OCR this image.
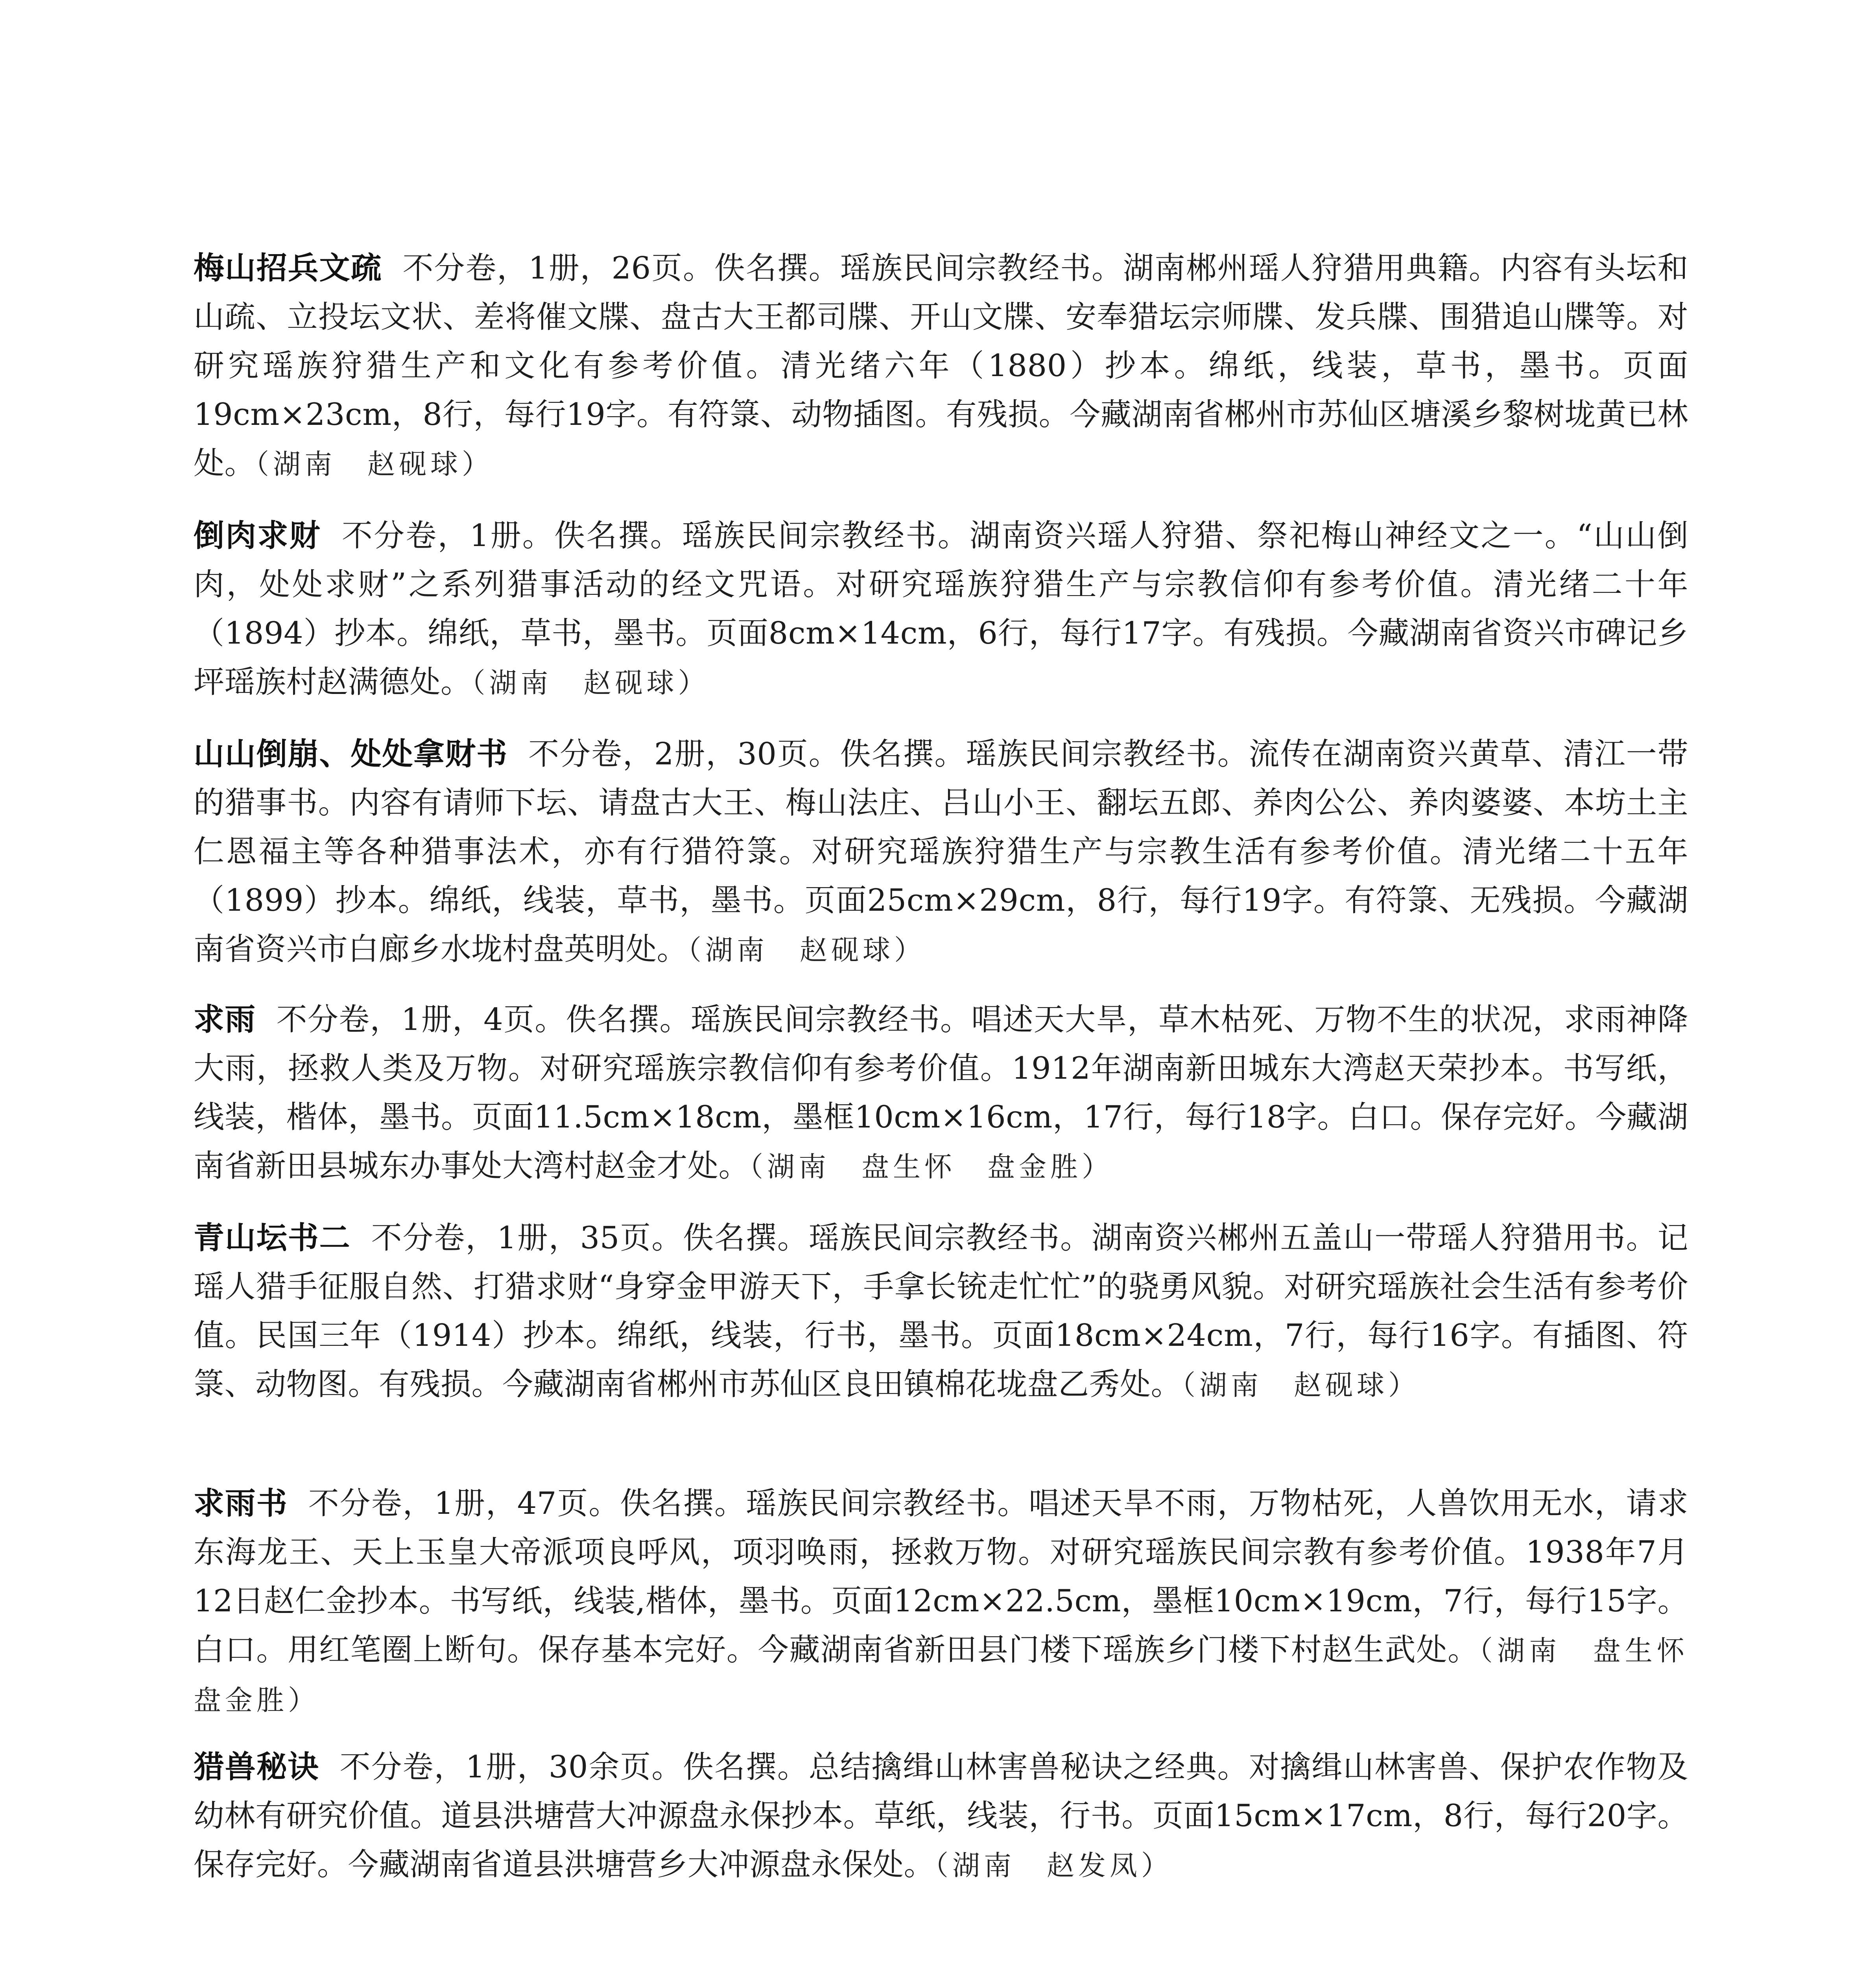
梅山招兵文疏 不分卷，1册，26页。佚名撰。瑶族民间宗教经书。湖南郴州瑶人狩猎用典籍。内容有头坛和山疏、立投坛文状、差将催文牒、盘古大王都司牒、开山文牒、安奉猎坛宗师牒、发兵牒、围猎追山牒等。对研究瑶族狩猎生产和文化有参考价值。清光绪六年（1880）抄本。绵纸，线装，草书，墨书。页面19cm×23cm，8行，每行19字。有符箓、动物插图。有残损。今藏湖南省郴州市苏仙区塘溪乡黎树垅黄已林处。（湖南　赵砚球）
倒肉求财 不分卷，1册。佚名撰。瑶族民间宗教经书。湖南资兴瑶人狩猎、祭祀梅山神经文之一。“山山倒肉，处处求财”之系列猎事活动的经文咒语。对研究瑶族狩猎生产与宗教信仰有参考价值。清光绪二十年（1894）抄本。绵纸，草书，墨书。页面8cm×14cm，6行，每行17字。有残损。今藏湖南省资兴市碑记乡坪瑶族村赵满德处。（湖南　赵砚球）
山山倒崩、处处拿财书 不分卷，2册，30页。佚名撰。瑶族民间宗教经书。流传在湖南资兴黄草、清江一带的猎事书。内容有请师下坛、请盘古大王、梅山法庄、吕山小王、翻坛五郎、养肉公公、养肉婆婆、本坊土主仁恩福主等各种猎事法术，亦有行猎符箓。对研究瑶族狩猎生产与宗教生活有参考价值。清光绪二十五年（1899）抄本。绵纸，线装，草书，墨书。页面25cm×29cm，8行，每行19字。有符箓、无残损。今藏湖南省资兴市白廊乡水垅村盘英明处。（湖南　赵砚球）
求雨 不分卷，1册，4页。佚名撰。瑶族民间宗教经书。唱述天大旱，草木枯死、万物不生的状况，求雨神降大雨，拯救人类及万物。对研究瑶族宗教信仰有参考价值。1912年湖南新田城东大湾赵天荣抄本。书写纸，线装，楷体，墨书。页面11.5cm×18cm，墨框10cm×16cm，17行，每行18字。白口。保存完好。今藏湖南省新田县城东办事处大湾村赵金才处。（湖南　盘生怀　盘金胜）
青山坛书二 不分卷，1册，35页。佚名撰。瑶族民间宗教经书。湖南资兴郴州五盖山一带瑶人狩猎用书。记瑶人猎手征服自然、打猎求财“身穿金甲游天下，手拿长铳走忙忙”的骁勇风貌。对研究瑶族社会生活有参考价值。民国三年（1914）抄本。绵纸，线装，行书，墨书。页面18cm×24cm，7行，每行16字。有插图、符箓、动物图。有残损。今藏湖南省郴州市苏仙区良田镇棉花垅盘乙秀处。（湖南　赵砚球）
求雨书 不分卷，1册，47页。佚名撰。瑶族民间宗教经书。唱述天旱不雨，万物枯死，人兽饮用无水，请求东海龙王、天上玉皇大帝派项良呼风，项羽唤雨，拯救万物。对研究瑶族民间宗教有参考价值。1938年7月12日赵仁金抄本。书写纸，线装,楷体，墨书。页面12cm×22.5cm，墨框10cm×19cm，7行，每行15字。白口。用红笔圈上断句。保存基本完好。今藏湖南省新田县门楼下瑶族乡门楼下村赵生武处。（湖南　盘生怀　盘金胜）
猎兽秘诀 不分卷，1册，30余页。佚名撰。总结擒缉山林害兽秘诀之经典。对擒缉山林害兽、保护农作物及幼林有研究价值。道县洪塘营大冲源盘永保抄本。草纸，线装，行书。页面15cm×17cm，8行，每行20字。保存完好。今藏湖南省道县洪塘营乡大冲源盘永保处。（湖南　赵发凤）
